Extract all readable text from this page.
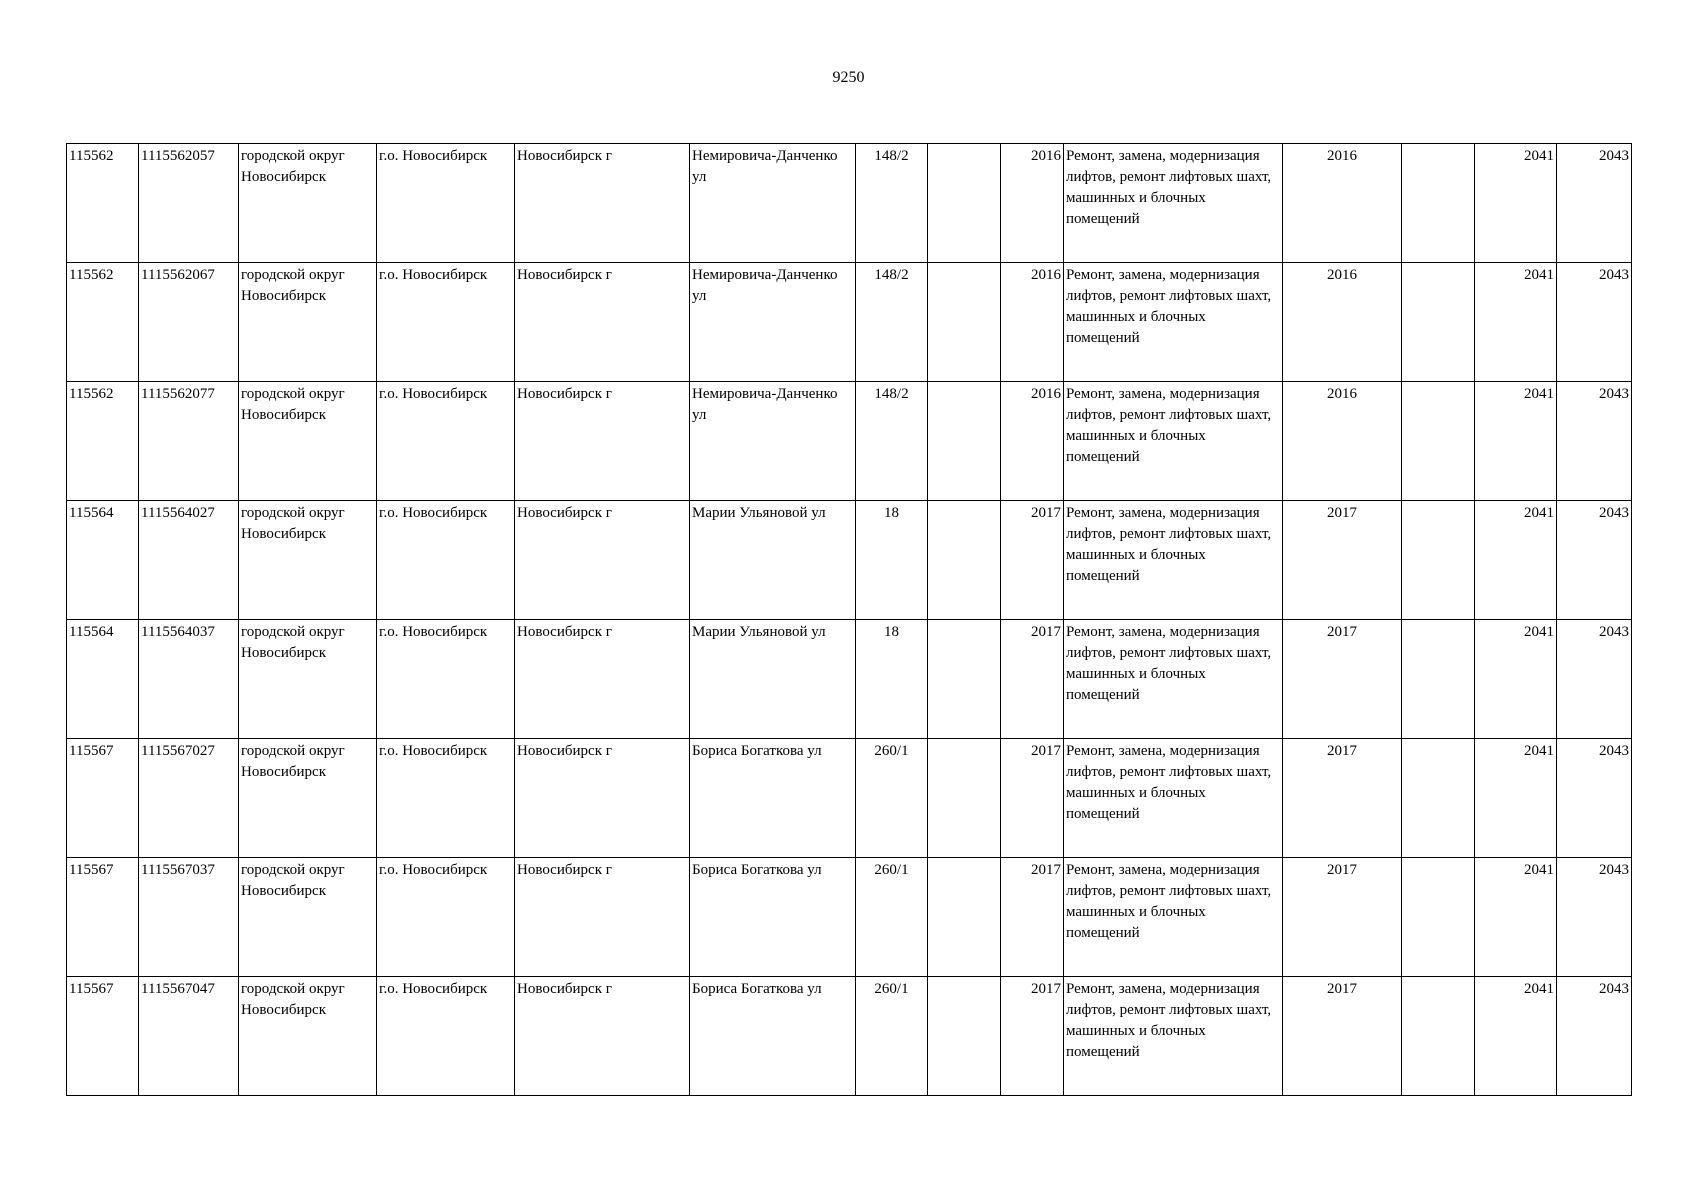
9250
115562	1115562057	городской округ Новосибирск	г.о. Новосибирск	Новосибирск г	Немировича-Данченко ул	148/2		2016	Ремонт, замена, модернизация лифтов, ремонт лифтовых шахт, машинных и блочных помещений	2016		2041	2043
115562	1115562067	городской округ Новосибирск	г.о. Новосибирск	Новосибирск г	Немировича-Данченко ул	148/2		2016	Ремонт, замена, модернизация лифтов, ремонт лифтовых шахт, машинных и блочных помещений	2016		2041	2043
115562	1115562077	городской округ Новосибирск	г.о. Новосибирск	Новосибирск г	Немировича-Данченко ул	148/2		2016	Ремонт, замена, модернизация лифтов, ремонт лифтовых шахт, машинных и блочных помещений	2016		2041	2043
115564	1115564027	городской округ Новосибирск	г.о. Новосибирск	Новосибирск г	Марии Ульяновой ул	18		2017	Ремонт, замена, модернизация лифтов, ремонт лифтовых шахт, машинных и блочных помещений	2017		2041	2043
115564	1115564037	городской округ Новосибирск	г.о. Новосибирск	Новосибирск г	Марии Ульяновой ул	18		2017	Ремонт, замена, модернизация лифтов, ремонт лифтовых шахт, машинных и блочных помещений	2017		2041	2043
115567	1115567027	городской округ Новосибирск	г.о. Новосибирск	Новосибирск г	Бориса Богаткова ул	260/1		2017	Ремонт, замена, модернизация лифтов, ремонт лифтовых шахт, машинных и блочных помещений	2017		2041	2043
115567	1115567037	городской округ Новосибирск	г.о. Новосибирск	Новосибирск г	Бориса Богаткова ул	260/1		2017	Ремонт, замена, модернизация лифтов, ремонт лифтовых шахт, машинных и блочных помещений	2017		2041	2043
115567	1115567047	городской округ Новосибирск	г.о. Новосибирск	Новосибирск г	Бориса Богаткова ул	260/1		2017	Ремонт, замена, модернизация лифтов, ремонт лифтовых шахт, машинных и блочных помещений	2017		2041	2043
